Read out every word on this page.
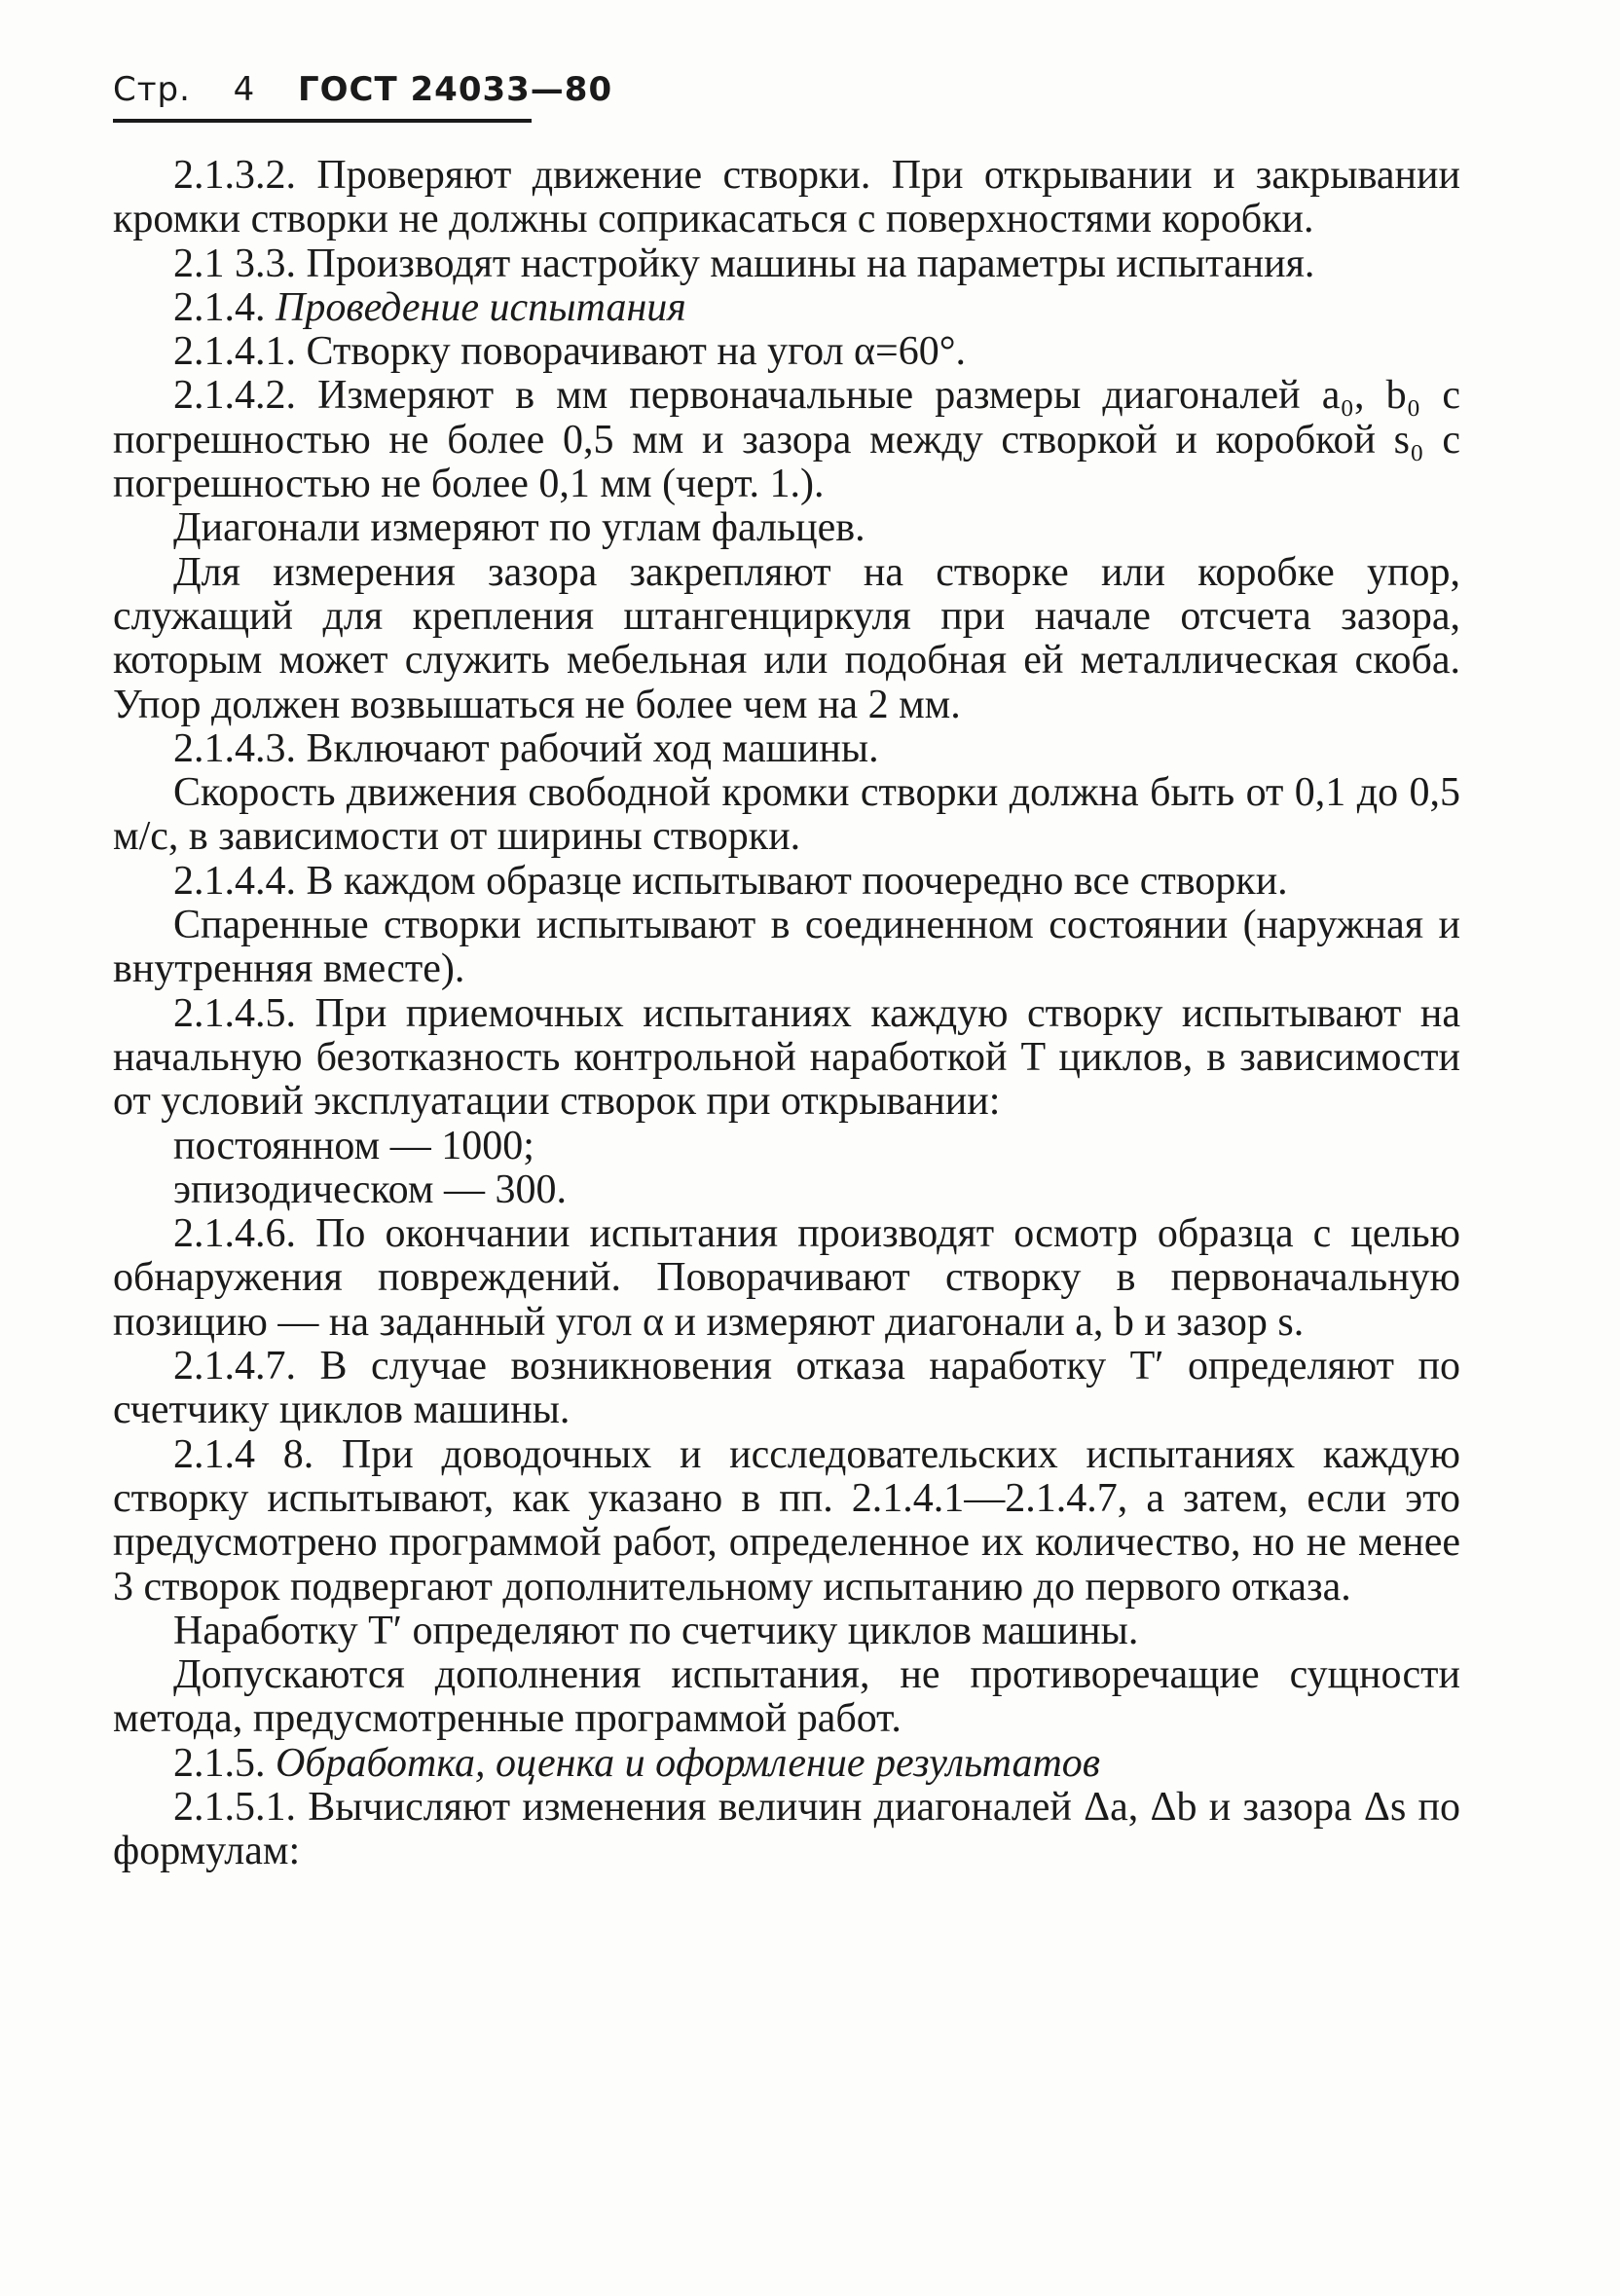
Стр. 4 ГОСТ 24033—80

2.1.3.2. Проверяют движение створки. При открывании и закрывании кромки створки не должны соприкасаться с поверхностями коробки.

2.1 3.3. Производят настройку машины на параметры испытания.

2.1.4. Проведение испытания

2.1.4.1. Створку поворачивают на угол α=60°.

2.1.4.2. Измеряют в мм первоначальные размеры диагоналей a₀, b₀ с погрешностью не более 0,5 мм и зазора между створкой и коробкой s₀ с погрешностью не более 0,1 мм (черт. 1.).

Диагонали измеряют по углам фальцев.

Для измерения зазора закрепляют на створке или коробке упор, служащий для крепления штангенциркуля при начале отсчета зазора, которым может служить мебельная или подобная ей металлическая скоба. Упор должен возвышаться не более чем на 2 мм.

2.1.4.3. Включают рабочий ход машины.

Скорость движения свободной кромки створки должна быть от 0,1 до 0,5 м/с, в зависимости от ширины створки.

2.1.4.4. В каждом образце испытывают поочередно все створки.

Спаренные створки испытывают в соединенном состоянии (наружная и внутренняя вместе).

2.1.4.5. При приемочных испытаниях каждую створку испытывают на начальную безотказность контрольной наработкой T циклов, в зависимости от условий эксплуатации створок при открывании:

постоянном — 1000;

эпизодическом — 300.

2.1.4.6. По окончании испытания производят осмотр образца с целью обнаружения повреждений. Поворачивают створку в первоначальную позицию — на заданный угол α и измеряют диагонали a, b и зазор s.

2.1.4.7. В случае возникновения отказа наработку T′ определяют по счетчику циклов машины.

2.1.4 8. При доводочных и исследовательских испытаниях каждую створку испытывают, как указано в пп. 2.1.4.1—2.1.4.7, а затем, если это предусмотрено программой работ, определенное их количество, но не менее 3 створок подвергают дополнительному испытанию до первого отказа.

Наработку T′ определяют по счетчику циклов машины.

Допускаются дополнения испытания, не противоречащие сущности метода, предусмотренные программой работ.

2.1.5. Обработка, оценка и оформление результатов

2.1.5.1. Вычисляют изменения величин диагоналей Δa, Δb и зазора Δs по формулам:
